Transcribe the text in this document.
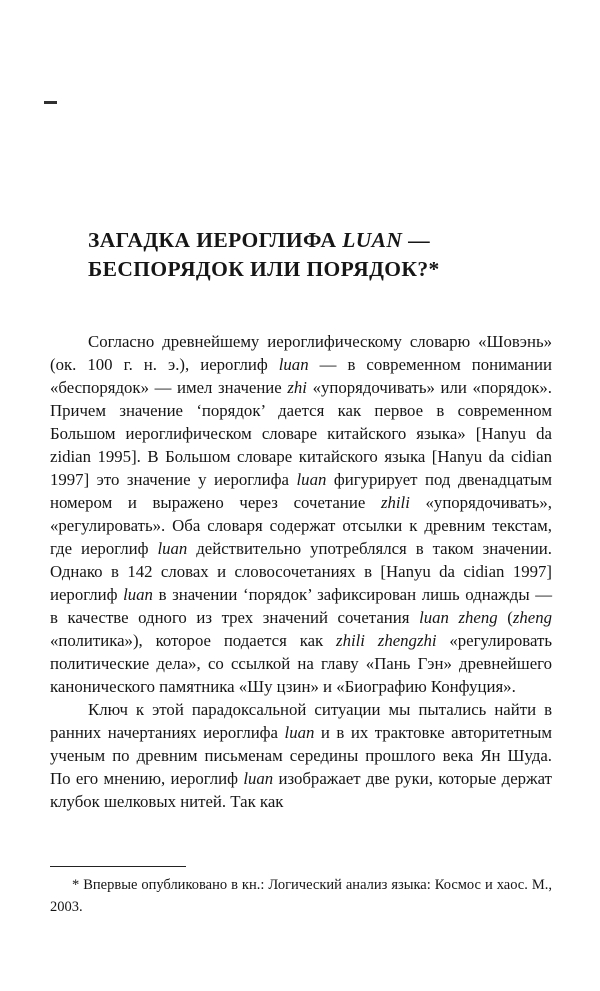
ЗАГАДКА ИЕРОГЛИФА LUAN —
БЕСПОРЯДОК ИЛИ ПОРЯДОК?*

Согласно древнейшему иероглифическому словарю «Шовэнь» (ок. 100 г. н. э.), иероглиф luan — в современном понимании «беспорядок» — имел значение zhi «упорядочивать» или «порядок». Причем значение ‘порядок’ дается как первое в современном Большом иероглифическом словаре китайского языка» [Hanyu da zidian 1995]. В Большом словаре китайского языка [Hanyu da cidian 1997] это значение у иероглифа luan фигурирует под двенадцатым номером и выражено через сочетание zhili «упорядочивать», «регулировать». Оба словаря содержат отсылки к древним текстам, где иероглиф luan действительно употреблялся в таком значении. Однако в 142 словах и словосочетаниях в [Hanyu da cidian 1997] иероглиф luan в значении ‘порядок’ зафиксирован лишь однажды — в качестве одного из трех значений сочетания luan zheng (zheng «политика»), которое подается как zhili zhengzhi «регулировать политические дела», со ссылкой на главу «Пань Гэн» древнейшего канонического памятника «Шу цзин» и «Биографию Конфуция».

Ключ к этой парадоксальной ситуации мы пытались найти в ранних начертаниях иероглифа luan и в их трактовке авторитетным ученым по древним письменам середины прошлого века Ян Шуда. По его мнению, иероглиф luan изображает две руки, которые держат клубок шелковых нитей. Так как

* Впервые опубликовано в кн.: Логический анализ языка: Космос и хаос. М., 2003.
